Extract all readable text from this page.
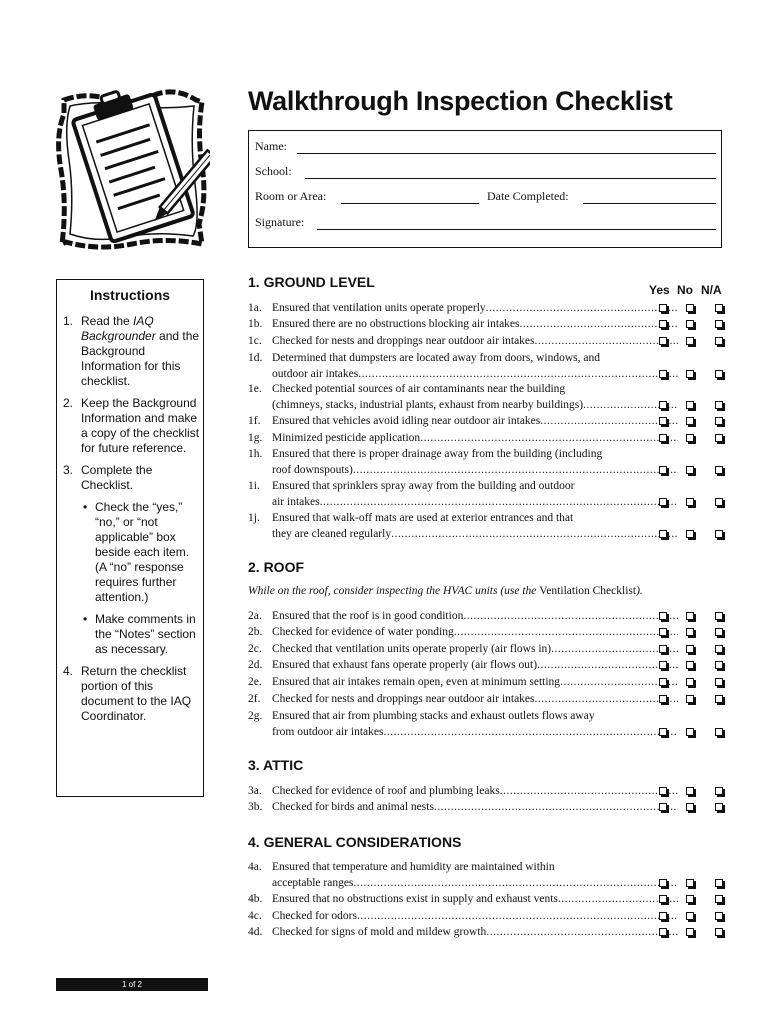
Walkthrough Inspection Checklist
Name:
School:
Room or Area:	Date Completed:
Signature:
Instructions
1. Read the IAQ Backgrounder and the Background Information for this checklist.
2. Keep the Background Information and make a copy of the checklist for future reference.
3. Complete the Checklist.
• Check the “yes,” “no,” or “not applicable” box beside each item. (A “no” response requires further attention.)
• Make comments in the “Notes” section as necessary.
4. Return the checklist portion of this document to the IAQ Coordinator.
1. GROUND LEVEL	Yes No N/A
2. ROOF
While on the roof, consider inspecting the HVAC units (use the Ventilation Checklist).
3. ATTIC
4. GENERAL CONSIDERATIONS
1a. Ensured that ventilation units operate properly
.....
1b. Ensured there are no obstructions blocking air intakes
.....
1c. Checked for nests and droppings near outdoor air intakes
.....
1d. Determined that dumpsters are located away from doors, windows, and
outdoor air intakes
.....
1e. Checked potential sources of air contaminants near the building
(chimneys, stacks, industrial plants, exhaust from nearby buildings)
.....
1f. Ensured that vehicles avoid idling near outdoor air intakes
.....
1g. Minimized pesticide application
.....
1h. Ensured that there is proper drainage away from the building (including
roof downspouts)
.....
1i. Ensured that sprinklers spray away from the building and outdoor
air intakes
.....
1j. Ensured that walk-off mats are used at exterior entrances and that
they are cleaned regularly
.....
2a. Ensured that the roof is in good condition
.....
2b. Checked for evidence of water ponding
.....
2c. Checked that ventilation units operate properly (air flows in)
.....
2d. Ensured that exhaust fans operate properly (air flows out)
.....
2e. Ensured that air intakes remain open, even at minimum setting
.....
2f. Checked for nests and droppings near outdoor air intakes
.....
2g. Ensured that air from plumbing stacks and exhaust outlets flows away
from outdoor air intakes
.....
3a. Checked for evidence of roof and plumbing leaks
.....
3b. Checked for birds and animal nests
.....
4a. Ensured that temperature and humidity are maintained within
acceptable ranges
.....
4b. Ensured that no obstructions exist in supply and exhaust vents
.....
4c. Checked for odors
.....
4d. Checked for signs of mold and mildew growth
.....
1 of 2
